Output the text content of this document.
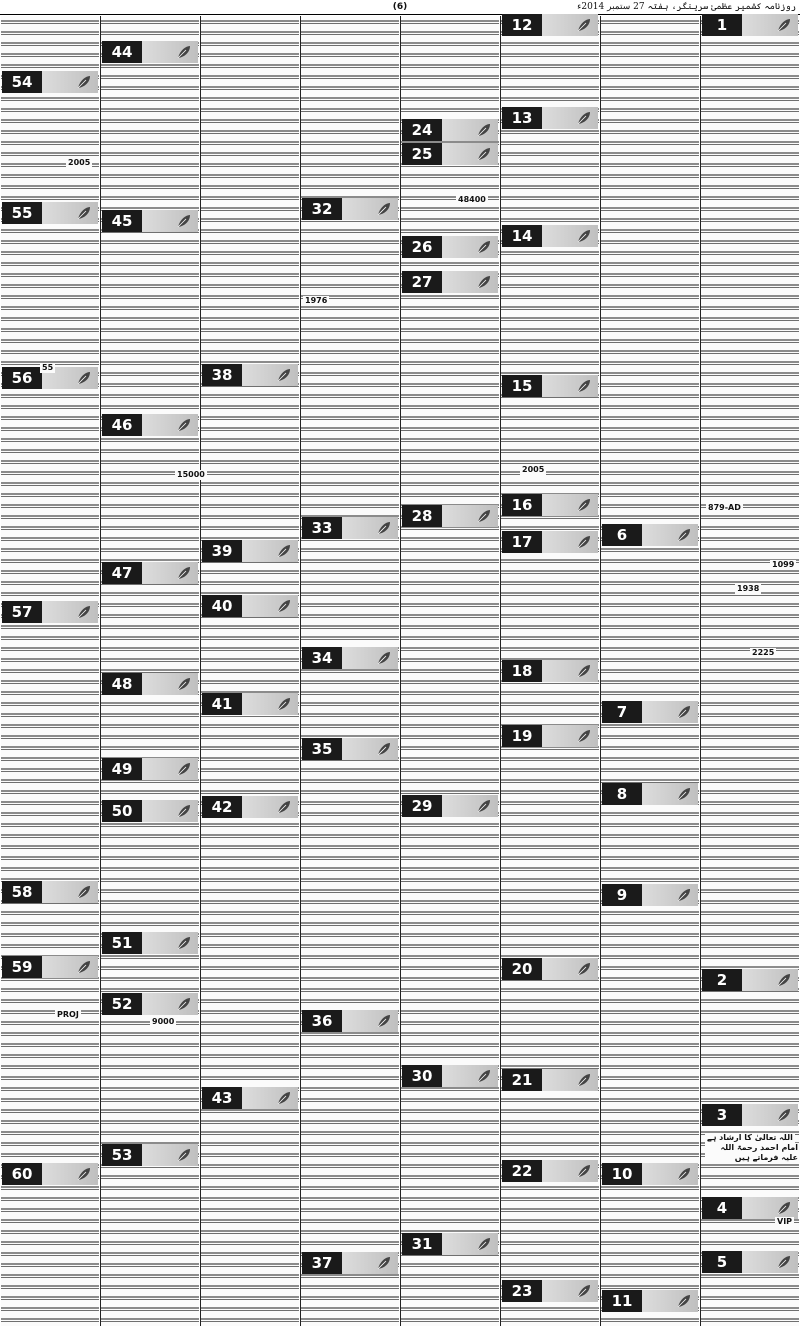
(6)	روزنامہ کشمیر عظمیٰ سرینگر، ہفتہ 27 ستمبر 2014ء
1
2
3
4
5
6
7
8
9
10
11
12
13
14
15
16
17
18
19
20
21
22
23
24
25
26
27
28
29
30
31
32
33
34
35
36
37
38
39
40
41
42
43
44
45
46
47
48
49
50
51
52
53
54
55
56
57
58
59
60
879-AD
1099
1938
2225
VIP
2005
2005
1976
48400
15000
PROJ
9000
55
اللہ تعالیٰ کا ارشاد ہے
امام احمد رحمۃ اللہ علیہ فرماتے ہیں
